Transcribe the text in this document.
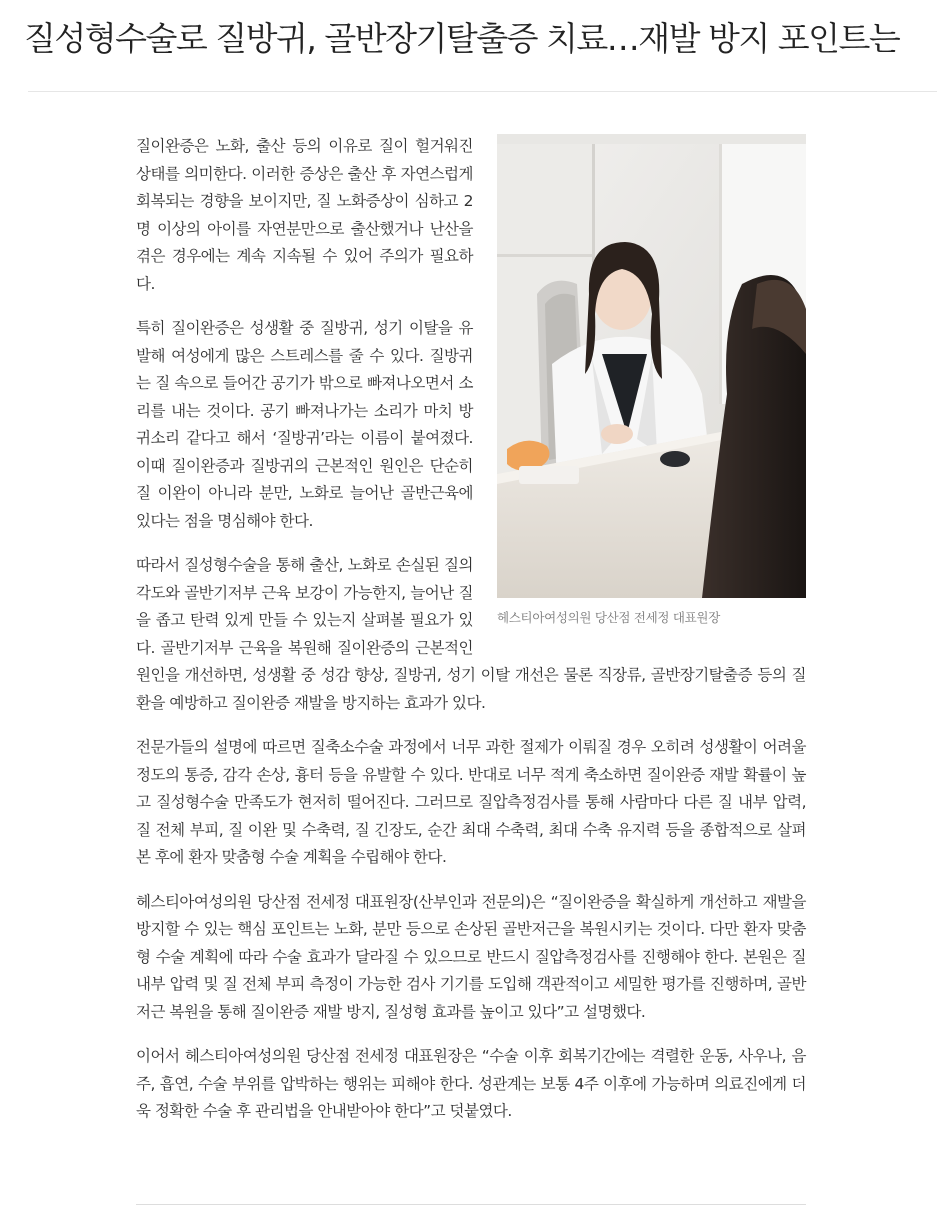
질성형수술로 질방귀, 골반장기탈출증 치료…재발 방지 포인트는
헤스티아여성의원 당산점 전세정 대표원장

질이완증은 노화, 출산 등의 이유로 질이 헐거워진 상태를 의미한다. 이러한 증상은 출산 후 자연스럽게 회복되는 경향을 보이지만, 질 노화증상이 심하고 2명 이상의 아이를 자연분만으로 출산했거나 난산을 겪은 경우에는 계속 지속될 수 있어 주의가 필요하다.

특히 질이완증은 성생활 중 질방귀, 성기 이탈을 유발해 여성에게 많은 스트레스를 줄 수 있다. 질방귀는 질 속으로 들어간 공기가 밖으로 빠져나오면서 소리를 내는 것이다. 공기 빠져나가는 소리가 마치 방귀소리 같다고 해서 ‘질방귀’라는 이름이 붙여졌다. 이때 질이완증과 질방귀의 근본적인 원인은 단순히 질 이완이 아니라 분만, 노화로 늘어난 골반근육에 있다는 점을 명심해야 한다.

따라서 질성형수술을 통해 출산, 노화로 손실된 질의 각도와 골반기저부 근육 보강이 가능한지, 늘어난 질을 좁고 탄력 있게 만들 수 있는지 살펴볼 필요가 있다. 골반기저부 근육을 복원해 질이완증의 근본적인 원인을 개선하면, 성생활 중 성감 향상, 질방귀, 성기 이탈 개선은 물론 직장류, 골반장기탈출증 등의 질환을 예방하고 질이완증 재발을 방지하는 효과가 있다.

전문가들의 설명에 따르면 질축소수술 과정에서 너무 과한 절제가 이뤄질 경우 오히려 성생활이 어려울 정도의 통증, 감각 손상, 흉터 등을 유발할 수 있다. 반대로 너무 적게 축소하면 질이완증 재발 확률이 높고 질성형수술 만족도가 현저히 떨어진다. 그러므로 질압측정검사를 통해 사람마다 다른 질 내부 압력, 질 전체 부피, 질 이완 및 수축력, 질 긴장도, 순간 최대 수축력, 최대 수축 유지력 등을 종합적으로 살펴본 후에 환자 맞춤형 수술 계획을 수립해야 한다.

헤스티아여성의원 당산점 전세정 대표원장(산부인과 전문의)은 “질이완증을 확실하게 개선하고 재발을 방지할 수 있는 핵심 포인트는 노화, 분만 등으로 손상된 골반저근을 복원시키는 것이다. 다만 환자 맞춤형 수술 계획에 따라 수술 효과가 달라질 수 있으므로 반드시 질압측정검사를 진행해야 한다. 본원은 질 내부 압력 및 질 전체 부피 측정이 가능한 검사 기기를 도입해 객관적이고 세밀한 평가를 진행하며, 골반저근 복원을 통해 질이완증 재발 방지, 질성형 효과를 높이고 있다”고 설명했다.

이어서 헤스티아여성의원 당산점 전세정 대표원장은 “수술 이후 회복기간에는 격렬한 운동, 사우나, 음주, 흡연, 수술 부위를 압박하는 행위는 피해야 한다. 성관계는 보통 4주 이후에 가능하며 의료진에게 더욱 정확한 수술 후 관리법을 안내받아야 한다”고 덧붙였다.
